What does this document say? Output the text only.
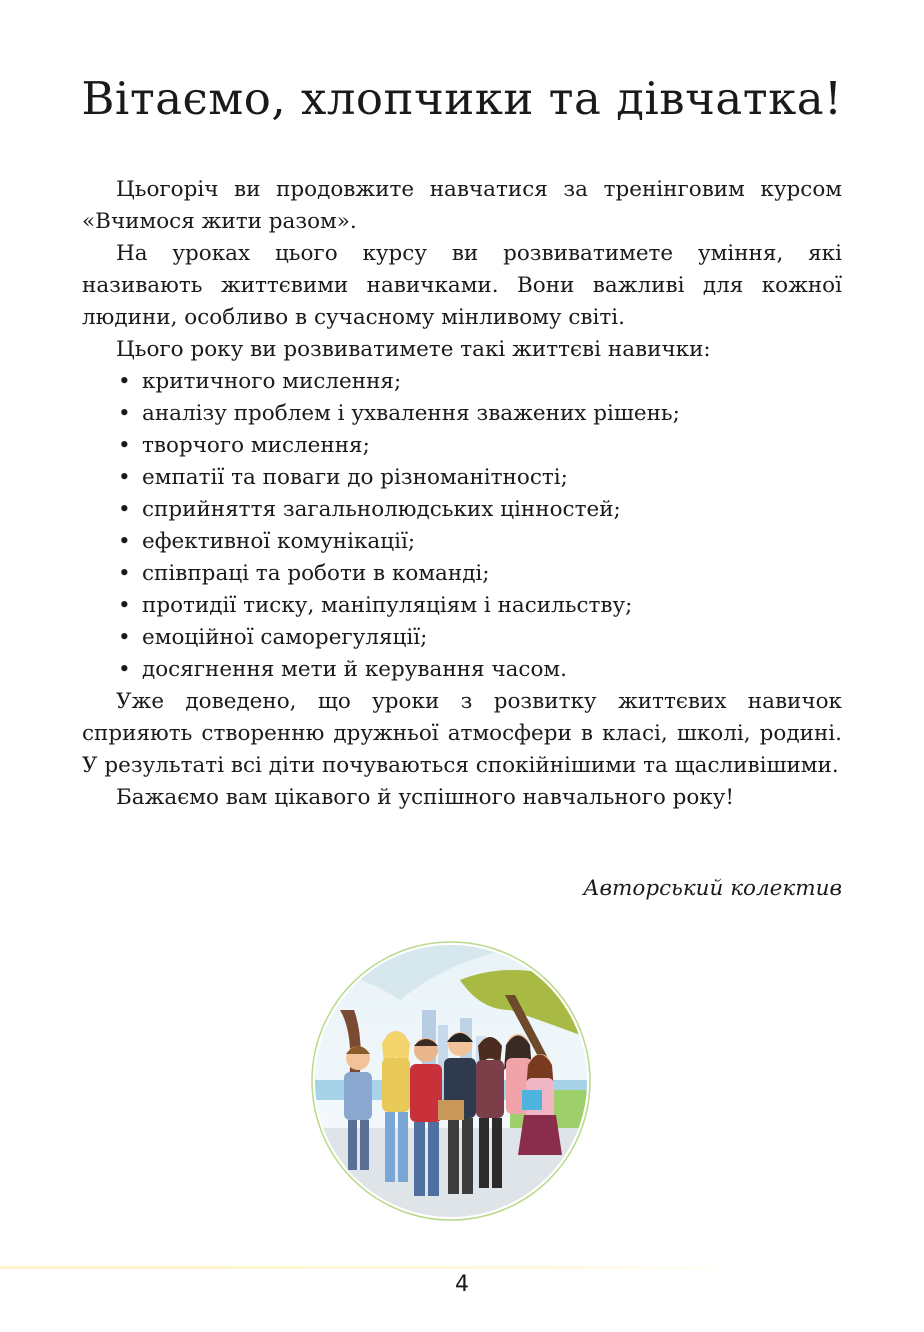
Вітаємо, хлопчики та дівчатка!

Цьогоріч ви продовжите навчатися за тренінговим курсом «Вчимося жити разом».

На уроках цього курсу ви розвиватимете уміння, які називають життєвими навичками. Вони важливі для кожної людини, особливо в сучасному мінливому світі.

Цього року ви розвиватимете такі життєві навички:

• критичного мислення;
• аналізу проблем і ухвалення зважених рішень;
• творчого мислення;
• емпатії та поваги до різноманітності;
• сприйняття загальнолюдських цінностей;
• ефективної комунікації;
• співпраці та роботи в команді;
• протидії тиску, маніпуляціям і насильству;
• емоційної саморегуляції;
• досягнення мети й керування часом.

Уже доведено, що уроки з розвитку життєвих навичок сприяють створенню дружньої атмосфери в класі, школі, родині. У результаті всі діти почуваються спокійнішими та щасливішими.

Бажаємо вам цікавого й успішного навчального року!

Авторський колектив
4
